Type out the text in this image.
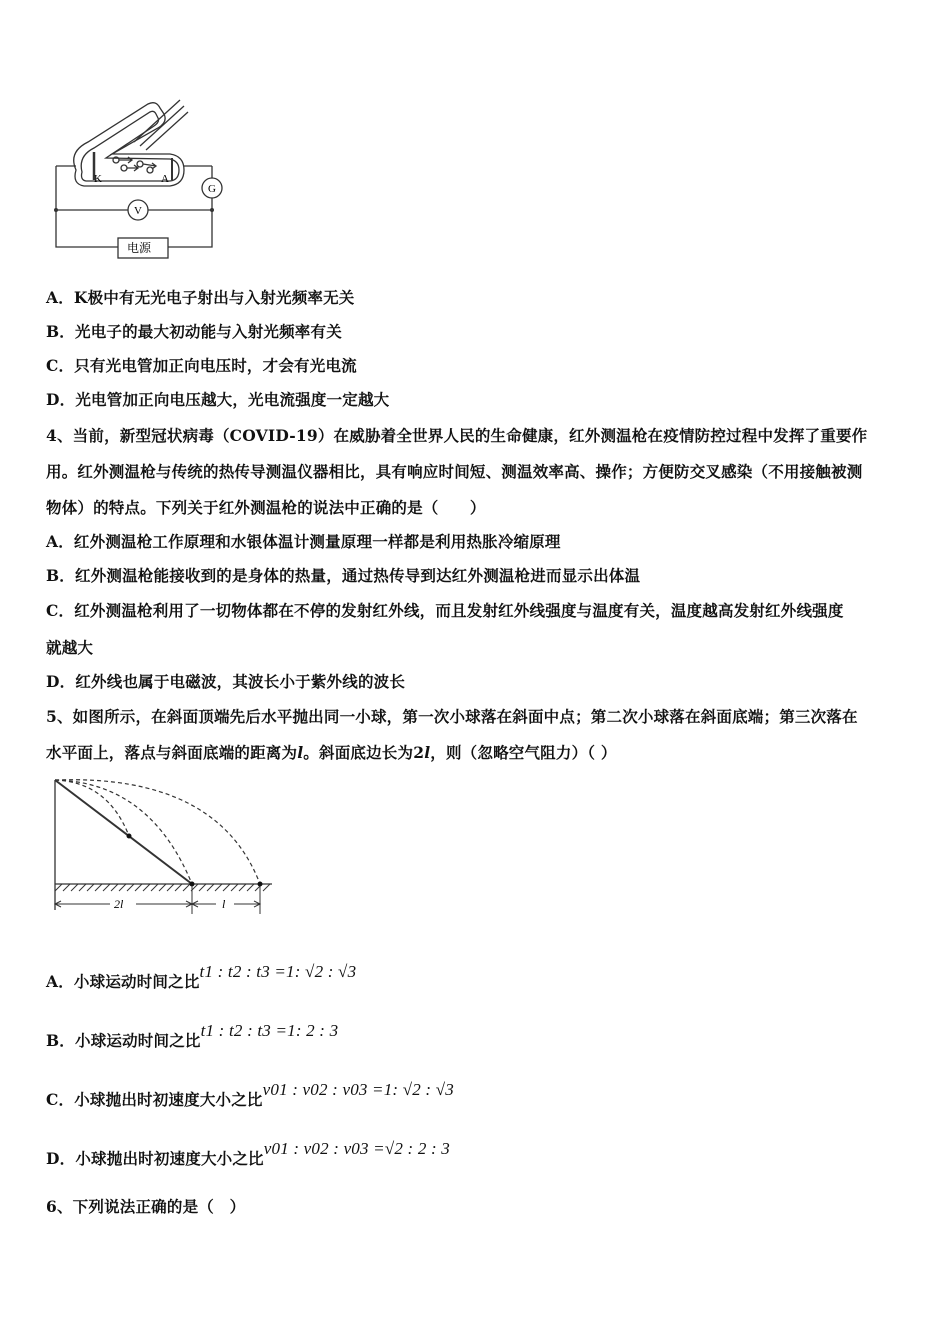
K	A
G
V
电源
A．K极中有无光电子射出与入射光频率无关
B．光电子的最大初动能与入射光频率有关
C．只有光电管加正向电压时，才会有光电流
D．光电管加正向电压越大，光电流强度一定越大
4、当前，新型冠状病毒（COVID-19）在威胁着全世界人民的生命健康，红外测温枪在疫情防控过程中发挥了重要作
用。红外测温枪与传统的热传导测温仪器相比，具有响应时间短、测温效率高、操作；方便防交叉感染（不用接触被测
物体）的特点。下列关于红外测温枪的说法中正确的是（　　）
A．红外测温枪工作原理和水银体温计测量原理一样都是利用热胀冷缩原理
B．红外测温枪能接收到的是身体的热量，通过热传导到达红外测温枪进而显示出体温
C．红外测温枪利用了一切物体都在不停的发射红外线，而且发射红外线强度与温度有关，温度越高发射红外线强度
就越大
D．红外线也属于电磁波，其波长小于紫外线的波长
5、如图所示，在斜面顶端先后水平抛出同一小球，第一次小球落在斜面中点；第二次小球落在斜面底端；第三次落在
水平面上，落点与斜面底端的距离为l。斜面底边长为2l，则（忽略空气阻力）（ ）
2l	l
A．小球运动时间之比t1 : t2 : t3 =1: √2 : √3
B．小球运动时间之比t1 : t2 : t3 =1: 2 : 3
C．小球抛出时初速度大小之比v01 : v02 : v03 =1: √2 : √3
D．小球抛出时初速度大小之比v01 : v02 : v03 =√2 : 2 : 3
6、下列说法正确的是（　）
